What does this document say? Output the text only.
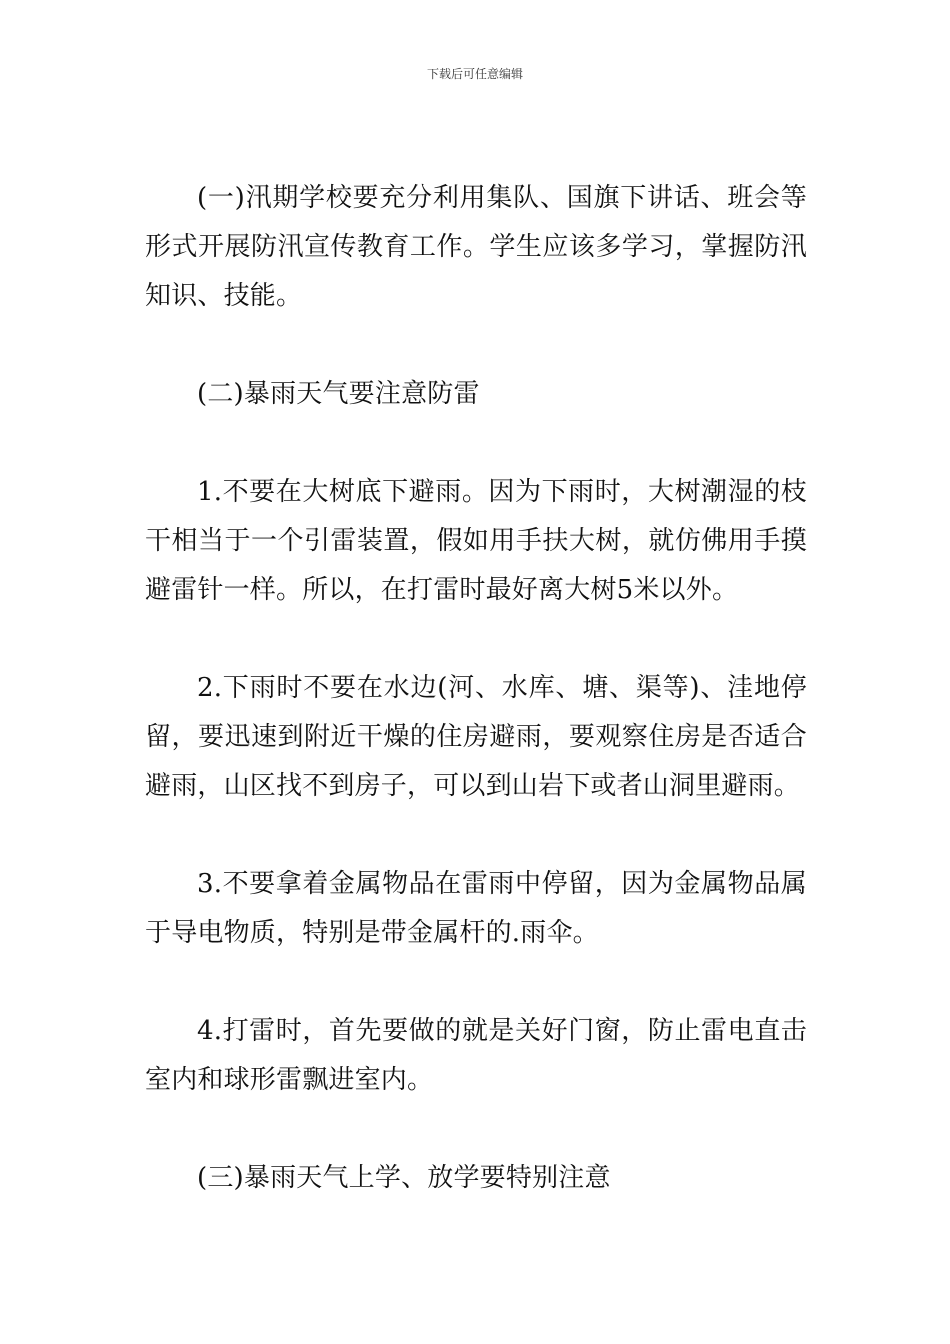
下载后可任意编辑

(一)汛期学校要充分利用集队、国旗下讲话、班会等形式开展防汛宣传教育工作。学生应该多学习，掌握防汛知识、技能。

(二)暴雨天气要注意防雷

1.不要在大树底下避雨。因为下雨时，大树潮湿的枝干相当于一个引雷装置，假如用手扶大树，就仿佛用手摸避雷针一样。所以，在打雷时最好离大树5米以外。

2.下雨时不要在水边(河、水库、塘、渠等)、洼地停留，要迅速到附近干燥的住房避雨，要观察住房是否适合避雨，山区找不到房子，可以到山岩下或者山洞里避雨。

3.不要拿着金属物品在雷雨中停留，因为金属物品属于导电物质，特别是带金属杆的.雨伞。

4.打雷时，首先要做的就是关好门窗，防止雷电直击室内和球形雷飘进室内。

(三)暴雨天气上学、放学要特别注意
